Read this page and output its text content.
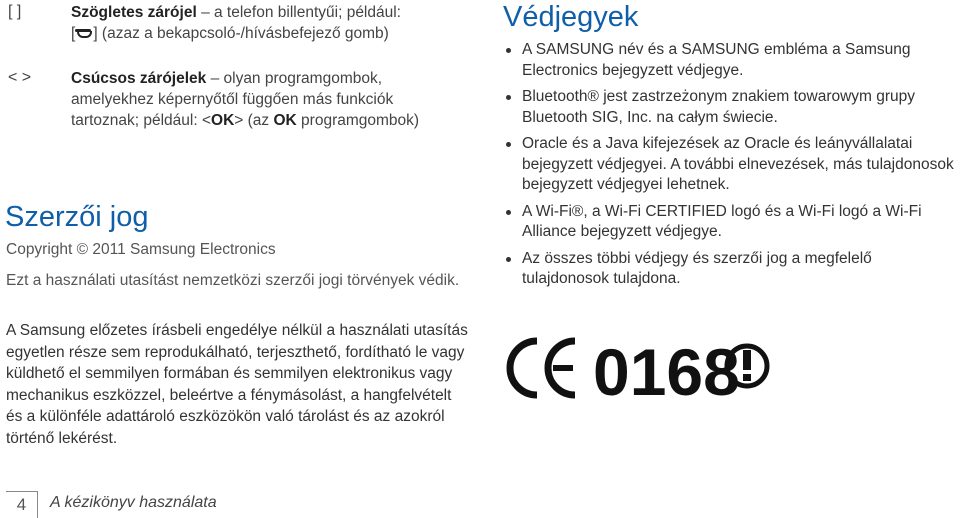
[ ]	Szögletes zárójel – a telefon billentyűi; például:
[ ] (azaz a bekapcsoló-/hívásbefejező gomb)
< >	Csúcsos zárójelek – olyan programgombok,
amelyekhez képernyőtől függően más funkciók
tartoznak; például: <OK> (az OK programgombok)
Szerzői jog
Copyright © 2011 Samsung Electronics
Ezt a használati utasítást nemzetközi szerzői jogi törvények védik.
A Samsung előzetes írásbeli engedélye nélkül a használati utasítás egyetlen része sem reprodukálható, terjeszthető, fordítható le vagy küldhető el semmilyen formában és semmilyen elektronikus vagy mechanikus eszközzel, beleértve a fénymásolást, a hangfelvételt és a különféle adattároló eszközökön való tárolást és az azokról történő lekérést.
Védjegyek
A SAMSUNG név és a SAMSUNG embléma a Samsung Electronics bejegyzett védjegye.
Bluetooth® jest zastrzeżonym znakiem towarowym grupy Bluetooth SIG, Inc. na całym świecie.
Oracle és a Java kifejezések az Oracle és leányvállalatai bejegyzett védjegyei. A további elnevezések, más tulajdonosok bejegyzett védjegyei lehetnek.
A Wi-Fi®, a Wi-Fi CERTIFIED logó és a Wi-Fi logó a Wi-Fi Alliance bejegyzett védjegye.
Az összes többi védjegy és szerzői jog a megfelelő tulajdonosok tulajdona.
0168
4	A kézikönyv használata
